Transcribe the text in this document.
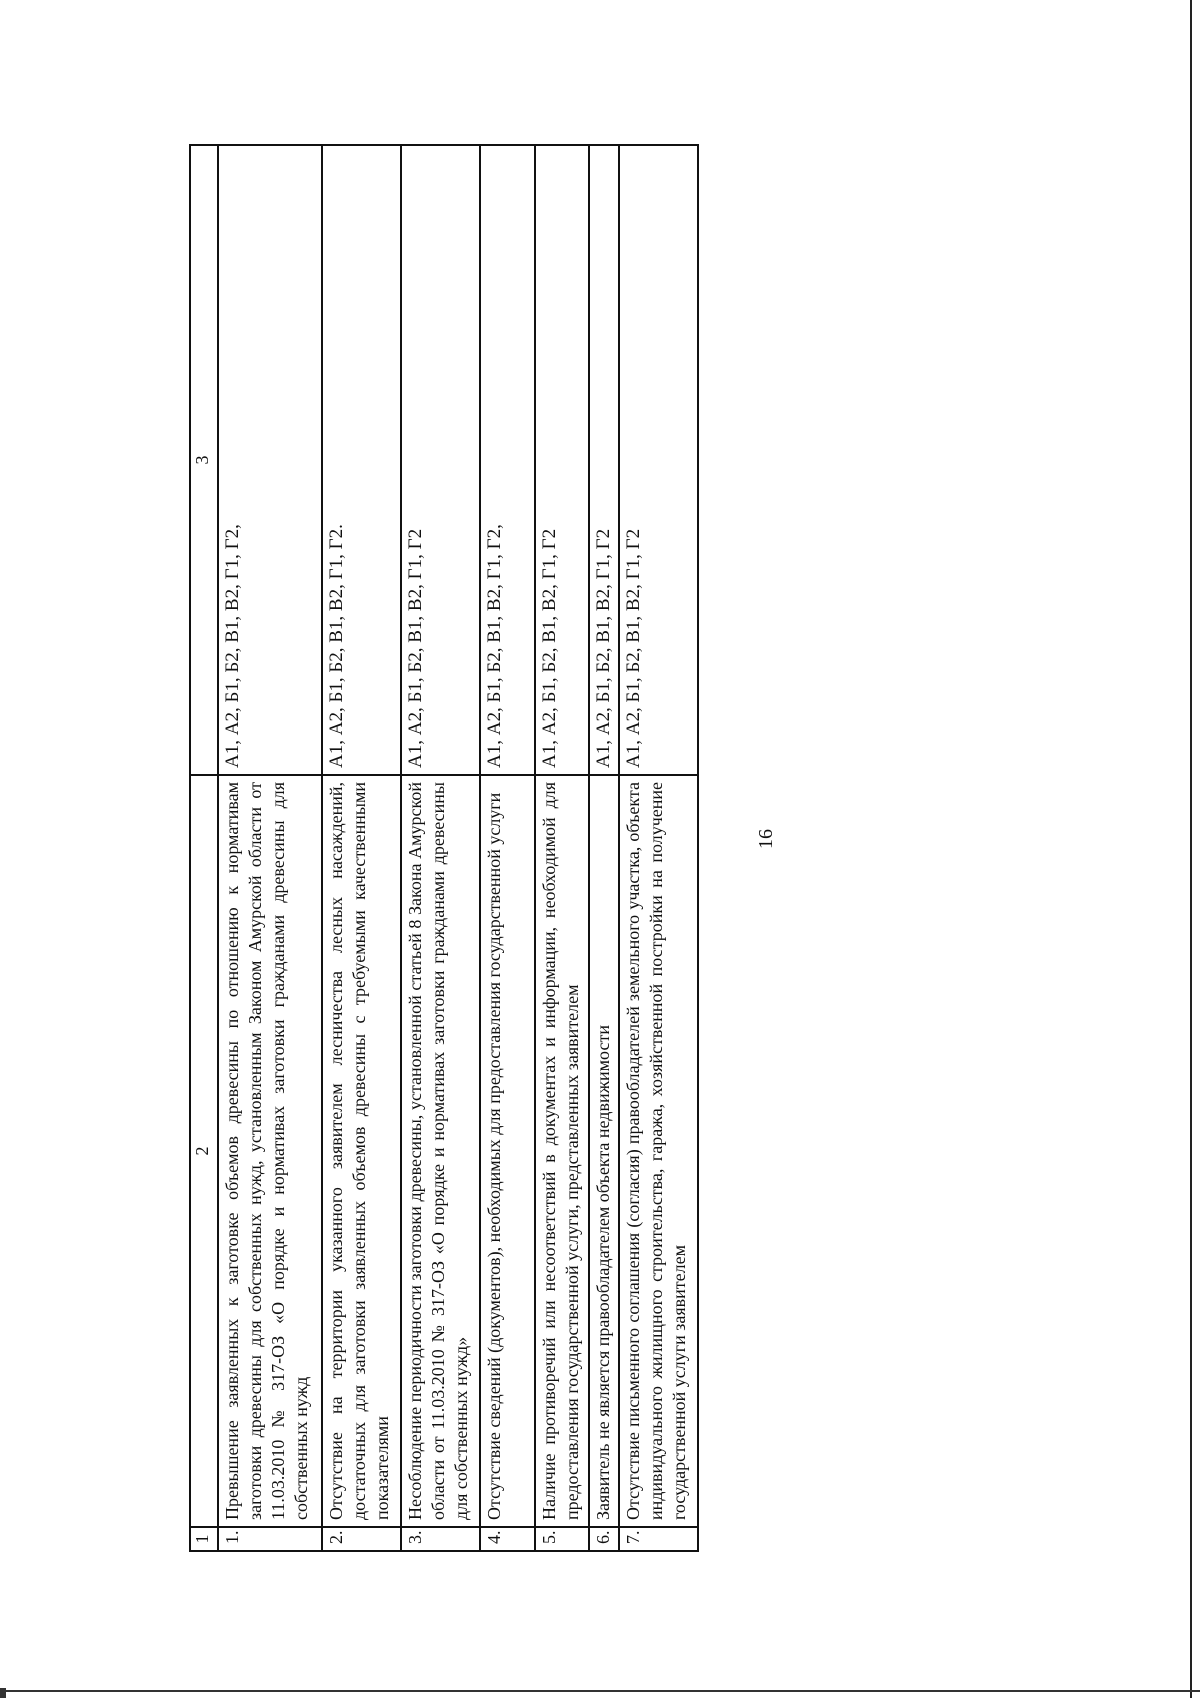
16
1	2	3
1.	Превышение заявленных к заготовке объемов древесины по отношению к нормативам заготовки древесины для собственных нужд, установленным Законом Амурской области от 11.03.2010 № 317-ОЗ «О порядке и нормативах заготовки гражданами древесины для собственных нужд	А1, А2, Б1, Б2, В1, В2, Г1, Г2,
2.	Отсутствие на территории указанного заявителем лесничества лесных насаждений, достаточных для заготовки заявленных объемов древесины с требуемыми качественными показателями	А1, А2, Б1, Б2, В1, В2, Г1, Г2.
3.	Несоблюдение периодичности заготовки древесины, установленной статьей 8 Закона Амурской области от 11.03.2010 № 317-ОЗ «О порядке и нормативах заготовки гражданами древесины для собственных нужд»	А1, А2, Б1, Б2, В1, В2, Г1, Г2
4.	Отсутствие сведений (документов), необходимых для предоставления государственной услуги	А1, А2, Б1, Б2, В1, В2, Г1, Г2,
5.	Наличие противоречий или несоответствий в документах и информации, необходимой для предоставления государственной услуги, представленных заявителем	А1, А2, Б1, Б2, В1, В2, Г1, Г2
6.	Заявитель не является правообладателем объекта недвижимости	А1, А2, Б1, Б2, В1, В2, Г1, Г2
7.	Отсутствие письменного соглашения (согласия) правообладателей земельного участка, объекта индивидуального жилищного строительства, гаража, хозяйственной постройки на получение государственной услуги заявителем	А1, А2, Б1, Б2, В1, В2, Г1, Г2
